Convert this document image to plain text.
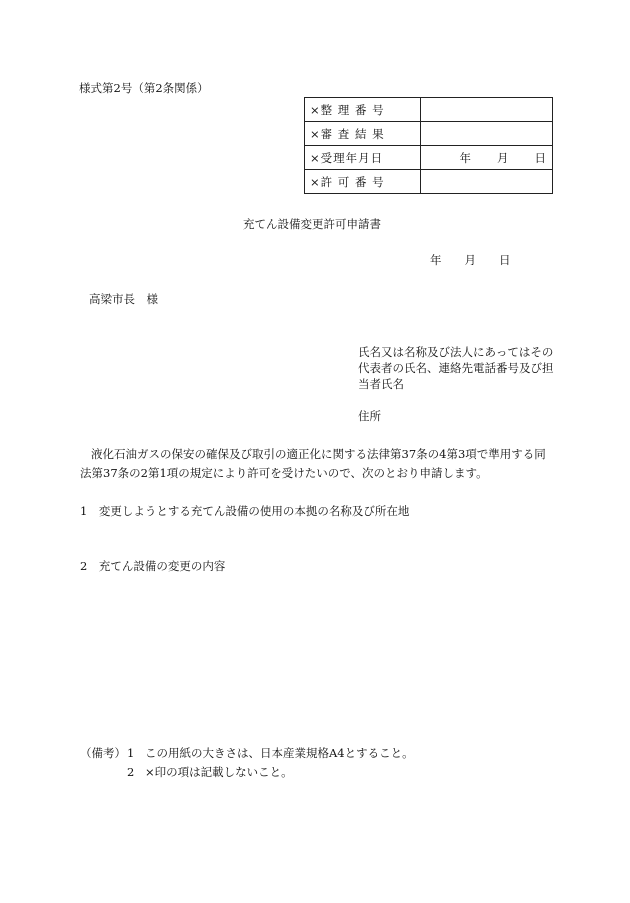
様式第2号（第2条関係）
×整 理 番 号	
×審 査 結 果	
×受理年月日	年 月 日

×許 可 番 号	
充てん設備変更許可申請書
年 月 日
高梁市長　様
氏名又は名称及び法人にあってはその代表者の氏名、連絡先電話番号及び担当者氏名
住所
液化石油ガスの保安の確保及び取引の適正化に関する法律第37条の4第3項で準用する同法第37条の2第1項の規定により許可を受けたいので、次のとおり申請します。
1　変更しようとする充てん設備の使用の本拠の名称及び所在地
2　充てん設備の変更の内容
（備考） 1 この用紙の大きさは、日本産業規格A4とすること。
2 ×印の項は記載しないこと。
